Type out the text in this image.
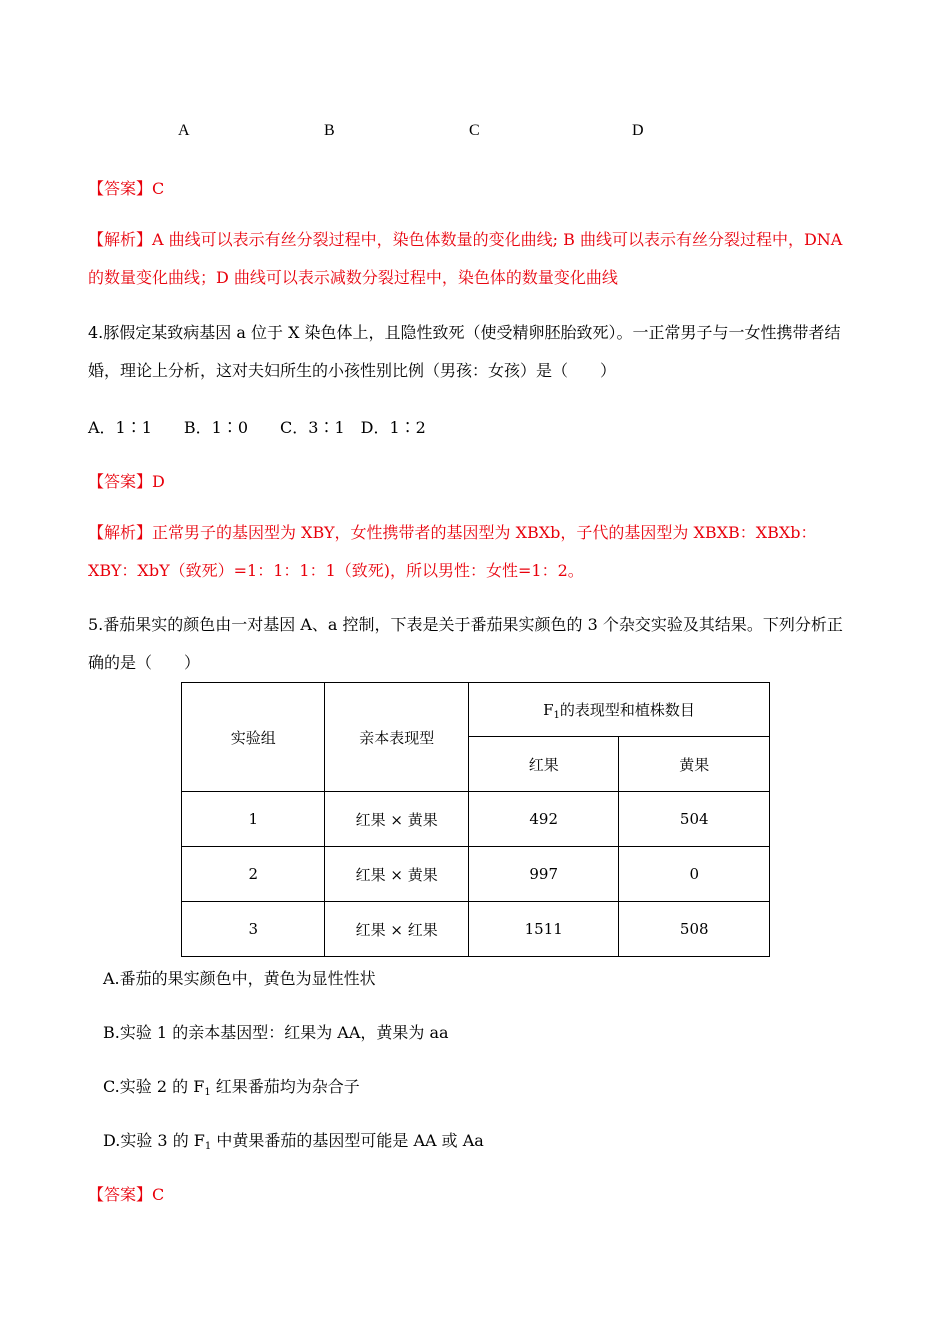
A	B	C	D
【答案】C
【解析】A 曲线可以表示有丝分裂过程中，染色体数量的变化曲线; B 曲线可以表示有丝分裂过程中，DNA
的数量变化曲线；D 曲线可以表示减数分裂过程中，染色体的数量变化曲线
4.豚假定某致病基因 a 位于 X 染色体上，且隐性致死（使受精卵胚胎致死）。一正常男子与一女性携带者结
婚，理论上分析，这对夫妇所生的小孩性别比例（男孩：女孩）是（　　）
A．1∶1　　B．1∶0　　C．3∶1　D．1∶2
【答案】D
【解析】正常男子的基因型为 XBY，女性携带者的基因型为 XBXb，子代的基因型为 XBXB：XBXb：
XBY：XbY（致死）=1：1：1：1（致死)，所以男性：女性=1：2。
5.番茄果实的颜色由一对基因 A、a 控制，下表是关于番茄果实颜色的 3 个杂交实验及其结果。下列分析正
确的是（　　）
实验组	亲本表现型	$F_1$的表现型和植株数目	
		红果	黄果
1	红果 × 黄果	492	504
2	红果 × 黄果	997	0
3	红果 × 红果	1511	508
A.番茄的果实颜色中，黄色为显性性状
B.实验 1 的亲本基因型：红果为 AA，黄果为 aa
C.实验 2 的 $F_1$ 红果番茄均为杂合子
D.实验 3 的 $F_1$ 中黄果番茄的基因型可能是 AA 或 Aa
【答案】C
